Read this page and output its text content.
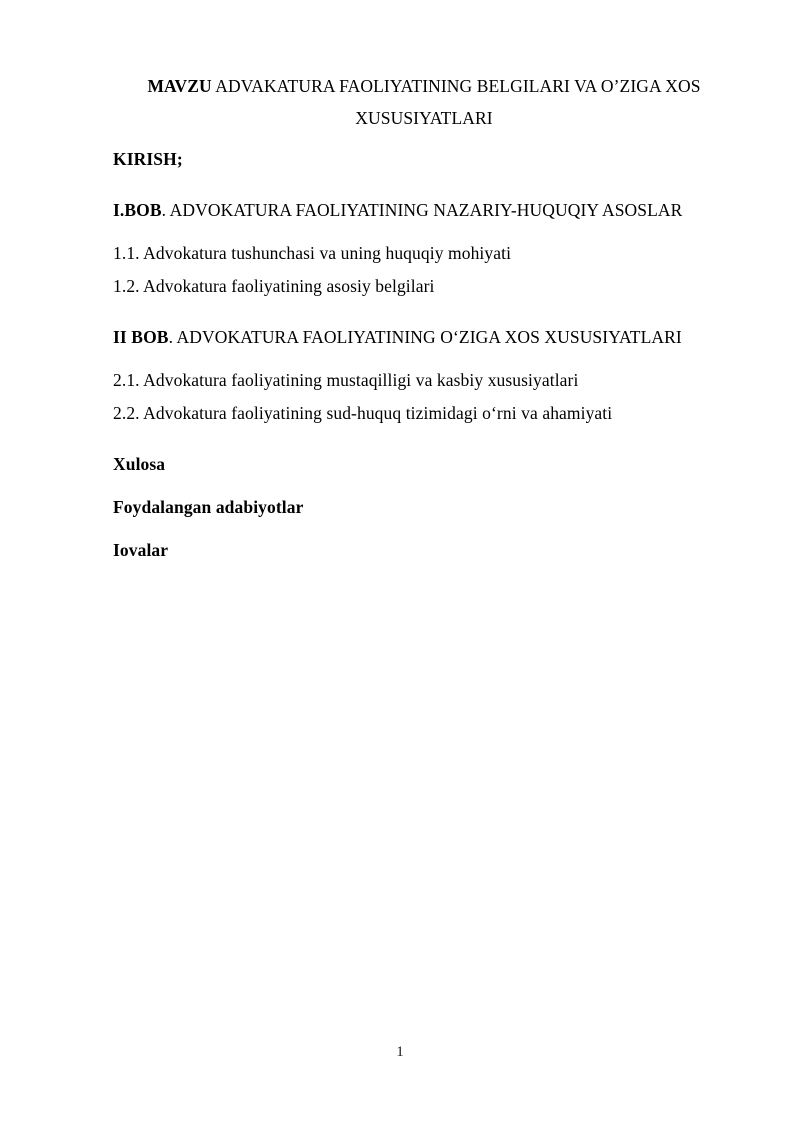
MAVZU ADVAKATURA FAOLIYATINING BELGILARI VA O’ZIGA XOS XUSUSIYATLARI

KIRISH;

I.BOB. ADVOKATURA FAOLIYATINING NAZARIY-HUQUQIY ASOSLAR

1.1. Advokatura tushunchasi va uning huquqiy mohiyati

1.2. Advokatura faoliyatining asosiy belgilari

II BOB. ADVOKATURA FAOLIYATINING O‘ZIGA XOS XUSUSIYATLARI

2.1. Advokatura faoliyatining mustaqilligi va kasbiy xususiyatlari

2.2. Advokatura faoliyatining sud-huquq tizimidagi o‘rni va ahamiyati

Xulosa

Foydalangan adabiyotlar

Iovalar

1
